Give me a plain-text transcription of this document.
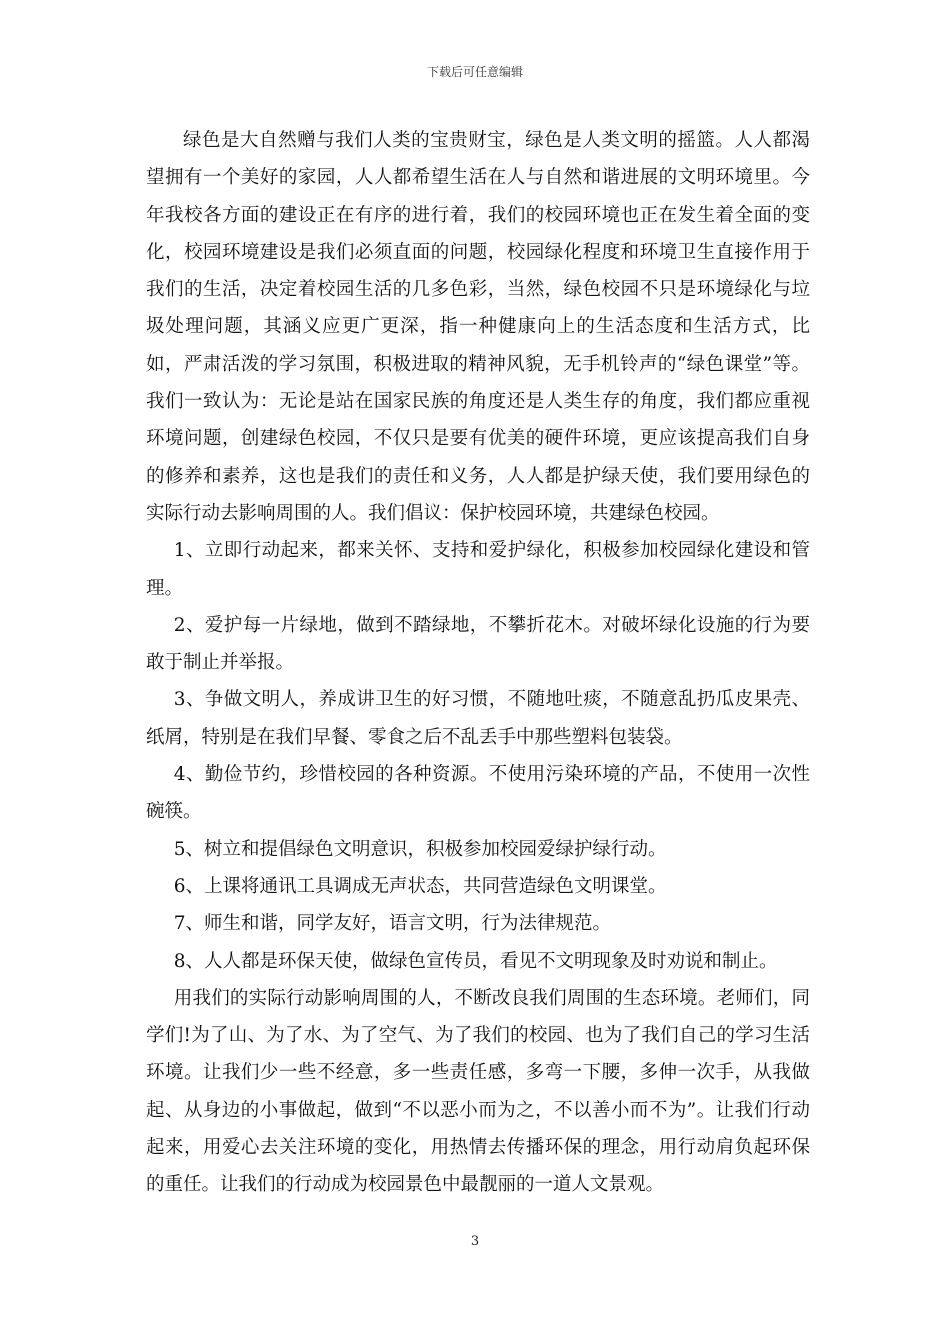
下载后可任意编辑

绿色是大自然赠与我们人类的宝贵财宝，绿色是人类文明的摇篮。人人都渴望拥有一个美好的家园，人人都希望生活在人与自然和谐进展的文明环境里。今年我校各方面的建设正在有序的进行着，我们的校园环境也正在发生着全面的变化，校园环境建设是我们必须直面的问题，校园绿化程度和环境卫生直接作用于我们的生活，决定着校园生活的几多色彩，当然，绿色校园不只是环境绿化与垃圾处理问题，其涵义应更广更深，指一种健康向上的生活态度和生活方式，比如，严肃活泼的学习氛围，积极进取的精神风貌，无手机铃声的“绿色课堂”等。我们一致认为：无论是站在国家民族的角度还是人类生存的角度，我们都应重视环境问题，创建绿色校园，不仅只是要有优美的硬件环境，更应该提高我们自身的修养和素养，这也是我们的责任和义务，人人都是护绿天使，我们要用绿色的实际行动去影响周围的人。我们倡议：保护校园环境，共建绿色校园。

1、立即行动起来，都来关怀、支持和爱护绿化，积极参加校园绿化建设和管理。

2、爱护每一片绿地，做到不踏绿地，不攀折花木。对破坏绿化设施的行为要敢于制止并举报。

3、争做文明人，养成讲卫生的好习惯，不随地吐痰，不随意乱扔瓜皮果壳、纸屑，特别是在我们早餐、零食之后不乱丢手中那些塑料包装袋。

4、勤俭节约，珍惜校园的各种资源。不使用污染环境的产品，不使用一次性碗筷。

5、树立和提倡绿色文明意识，积极参加校园爱绿护绿行动。

6、上课将通讯工具调成无声状态，共同营造绿色文明课堂。

7、师生和谐，同学友好，语言文明，行为法律规范。

8、人人都是环保天使，做绿色宣传员，看见不文明现象及时劝说和制止。

用我们的实际行动影响周围的人，不断改良我们周围的生态环境。老师们，同学们!为了山、为了水、为了空气、为了我们的校园、也为了我们自己的学习生活环境。让我们少一些不经意，多一些责任感，多弯一下腰，多伸一次手，从我做起、从身边的小事做起，做到“不以恶小而为之，不以善小而不为”。让我们行动起来，用爱心去关注环境的变化，用热情去传播环保的理念，用行动肩负起环保的重任。让我们的行动成为校园景色中最靓丽的一道人文景观。

3
